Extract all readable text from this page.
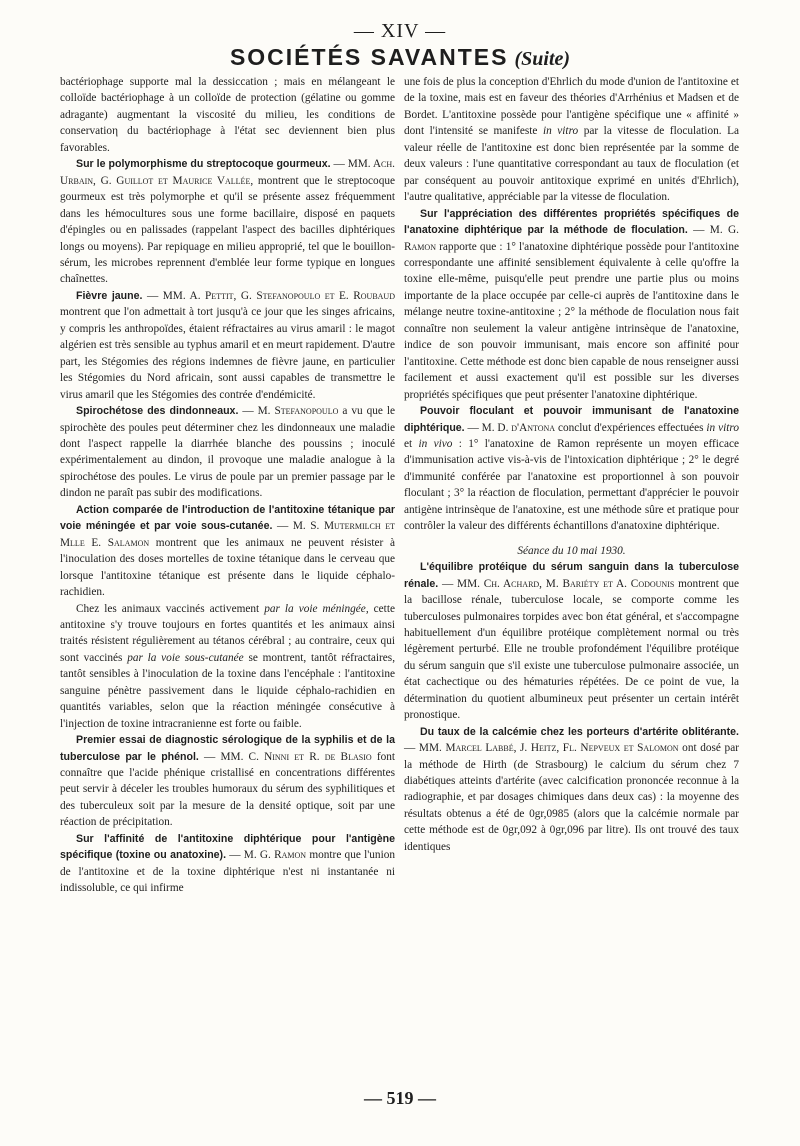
— XIV —
SOCIÉTÉS SAVANTES (Suite)

bactériophage supporte mal la dessiccation ; mais en mélangeant le colloïde bactériophage à un colloïde de protection (gélatine ou gomme adragante) augmentant la viscosité du milieu, les conditions de conservatioη du bactériophage à l'état sec deviennent bien plus favorables.

Sur le polymorphisme du streptocoque gourmeux. — MM. Ach. Urbain, G. Guillot et Maurice Vallée, montrent que le streptocoque gourmeux est très polymorphe et qu'il se présente assez fréquemment dans les hémocultures sous une forme bacillaire, disposé en paquets d'épingles ou en palissades (rappelant l'aspect des bacilles diphtériques longs ou moyens). Par repiquage en milieu approprié, tel que le bouillon-sérum, les microbes reprennent d'emblée leur forme typique en longues chaînettes.

Fièvre jaune. — MM. A. Pettit, G. Stefanopoulo et E. Roubaud montrent que l'on admettait à tort jusqu'à ce jour que les singes africains, y compris les anthropoïdes, étaient réfractaires au virus amaril : le magot algérien est très sensible au typhus amaril et en meurt rapidement. D'autre part, les Stégomies des régions indemnes de fièvre jaune, en particulier les Stégomies du Nord africain, sont aussi capables de transmettre le virus amaril que les Stégomies des contrée d'endémicité.

Spirochétose des dindonneaux. — M. Stefanopoulo a vu que le spirochète des poules peut déterminer chez les dindonneaux une maladie dont l'aspect rappelle la diarrhée blanche des poussins ; inoculé expérimentalement au dindon, il provoque une maladie analogue à la spirochétose des poules. Le virus de poule par un premier passage par le dindon ne paraît pas subir des modifications.

Action comparée de l'introduction de l'antitoxine tétanique par voie méningée et par voie sous-cutanée. — M. S. Mutermilch et Mlle E. Salamon montrent que les animaux ne peuvent résister à l'inoculation des doses mortelles de toxine tétanique dans le cerveau que lorsque l'antitoxine tétanique est présente dans le liquide céphalo-rachidien.

Chez les animaux vaccinés activement par la voie méningée, cette antitoxine s'y trouve toujours en fortes quantités et les animaux ainsi traités résistent régulièrement au tétanos cérébral ; au contraire, ceux qui sont vaccinés par la voie sous-cutanée se montrent, tantôt réfractaires, tantôt sensibles à l'inoculation de la toxine dans l'encéphale : l'antitoxine sanguine pénètre passivement dans le liquide céphalo-rachidien en quantités variables, selon que la réaction méningée consécutive à l'injection de toxine intracranienne est forte ou faible.

Premier essai de diagnostic sérologique de la syphilis et de la tuberculose par le phénol. — MM. C. Ninni et R. de Blasio font connaître que l'acide phénique cristallisé en concentrations différentes peut servir à déceler les troubles humoraux du sérum des syphilitiques et des tuberculeux soit par la mesure de la densité optique, soit par une réaction de précipitation.

Sur l'affinité de l'antitoxine diphtérique pour l'antigène spécifique (toxine ou anatoxine). — M. G. Ramon montre que l'union de l'antitoxine et de la toxine diphtérique n'est ni instantanée ni indissoluble, ce qui infirme

une fois de plus la conception d'Ehrlich du mode d'union de l'antitoxine et de la toxine, mais est en faveur des théories d'Arrhénius et Madsen et de Bordet. L'antitoxine possède pour l'antigène spécifique une « affinité » dont l'intensité se manifeste in vitro par la vitesse de floculation. La valeur réelle de l'antitoxine est donc bien représentée par la somme de deux valeurs : l'une quantitative correspondant au taux de floculation (et par conséquent au pouvoir antitoxique exprimé en unités d'Ehrlich), l'autre qualitative, appréciable par la vitesse de floculation.

Sur l'appréciation des différentes propriétés spécifiques de l'anatoxine diphtérique par la méthode de floculation. — M. G. Ramon rapporte que : 1° l'anatoxine diphtérique possède pour l'antitoxine correspondante une affinité sensiblement équivalente à celle qu'offre la toxine elle-même, puisqu'elle peut prendre une partie plus ou moins importante de la place occupée par celle-ci auprès de l'antitoxine dans le mélange neutre toxine-antitoxine ; 2° la méthode de floculation nous fait connaître non seulement la valeur antigène intrinsèque de l'anatoxine, indice de son pouvoir immunisant, mais encore son affinité pour l'antitoxine. Cette méthode est donc bien capable de nous renseigner aussi facilement et aussi exactement qu'il est possible sur les diverses propriétés spécifiques que peut présenter l'anatoxine diphtérique.

Pouvoir floculant et pouvoir immunisant de l'anatoxine diphtérique. — M. D. d'Antona conclut d'expériences effectuées in vitro et in vivo : 1° l'anatoxine de Ramon représente un moyen efficace d'immunisation active vis-à-vis de l'intoxication diphtérique ; 2° le degré d'immunité conférée par l'anatoxine est proportionnel à son pouvoir floculant ; 3° la réaction de floculation, permettant d'apprécier le pouvoir antigène intrinsèque de l'anatoxine, est une méthode sûre et pratique pour contrôler la valeur des différents échantillons d'anatoxine diphtérique.

Séance du 10 mai 1930.

L'équilibre protéique du sérum sanguin dans la tuberculose rénale. — MM. Ch. Achard, M. Bariéty et A. Codounis montrent que la bacillose rénale, tuberculose locale, se comporte comme les tuberculoses pulmonaires torpides avec bon état général, et s'accompagne habituellement d'un équilibre protéique complètement normal ou très légèrement perturbé. Elle ne trouble profondément l'équilibre protéique du sérum sanguin que s'il existe une tuberculose pulmonaire associée, un état cachectique ou des hématuries répétées. De ce point de vue, la détermination du quotient albumineux peut présenter un certain intérêt pronostique.

Du taux de la calcémie chez les porteurs d'artérite oblitérante. — MM. Marcel Labbé, J. Heitz, Fl. Nepveux et Salomon ont dosé par la méthode de Hirth (de Strasbourg) le calcium du sérum chez 7 diabétiques atteints d'artérite (avec calcification prononcée reconnue à la radiographie, et par dosages chimiques dans deux cas) : la moyenne des résultats obtenus a été de 0gr,0985 (alors que la calcémie normale par cette méthode est de 0gr,092 à 0gr,096 par litre). Ils ont trouvé des taux identiques

— 519 —
